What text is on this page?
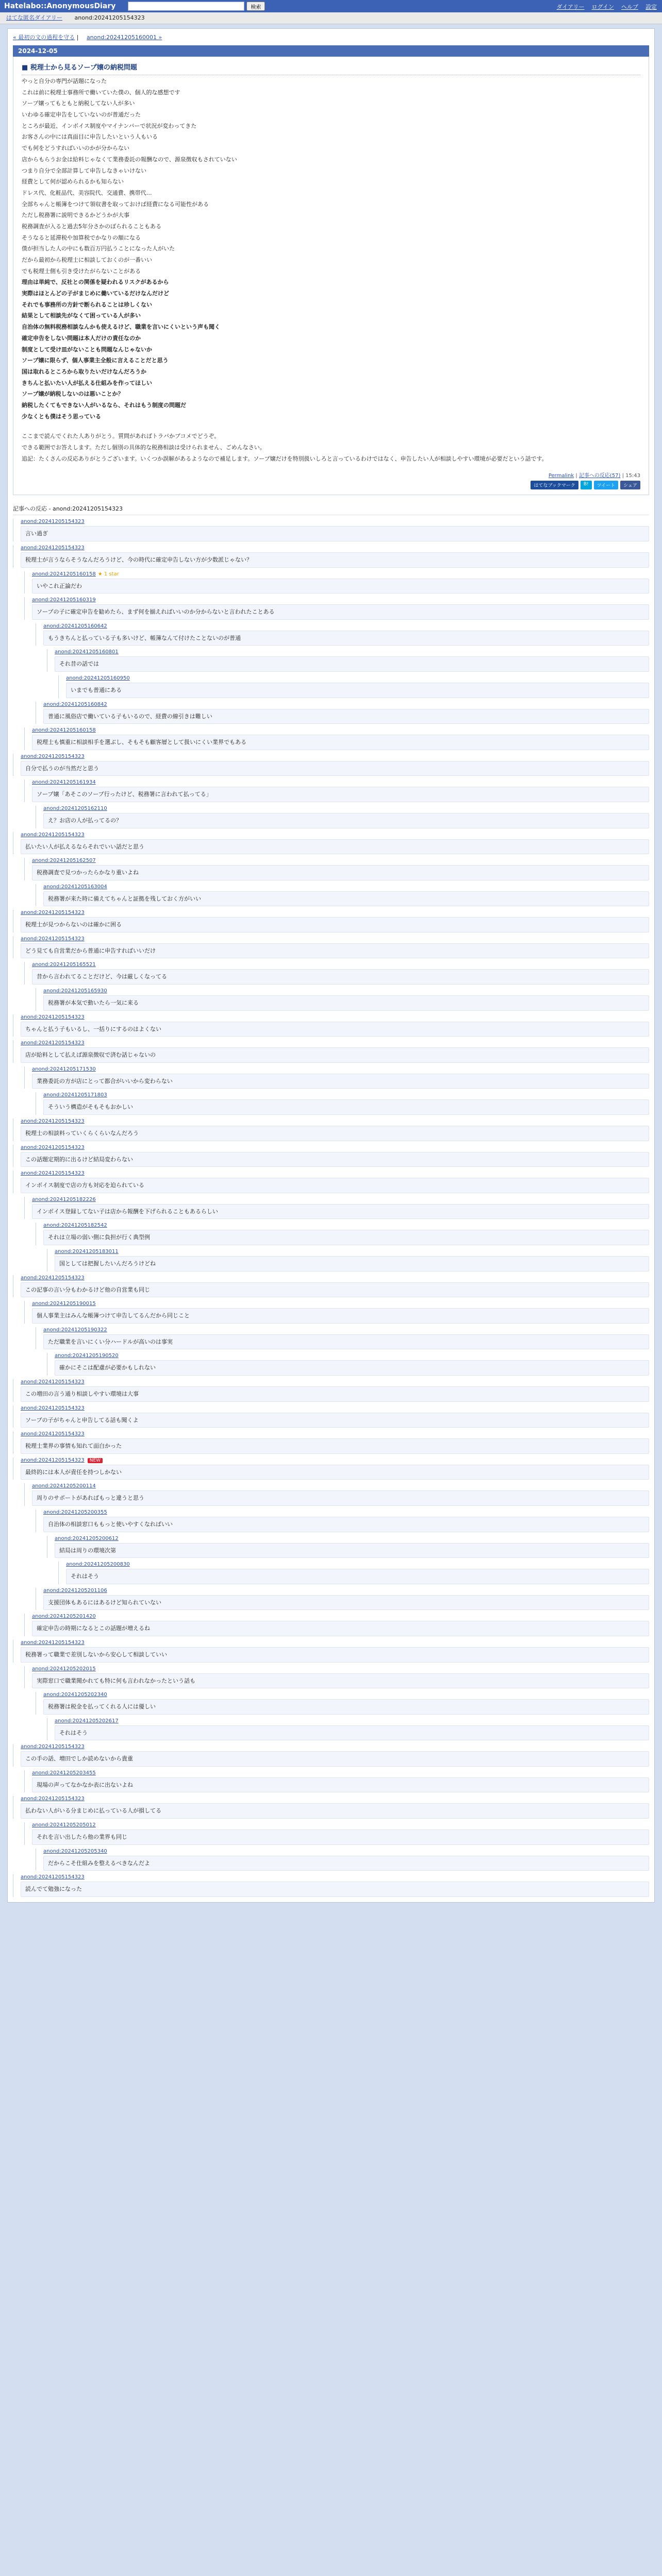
Hatelabo::AnonymousDiary	検索	ダイアリー ログイン ヘルプ 設定
はてな匿名ダイアリー anond:20241205154323
« 最初の文の過程を守る | anond:20241205160001 »
2024-12-05
■ 税理士から見るソープ嬢の納税問題

やっと自分の専門が話題になった

これは前に税理士事務所で働いていた僕の、個人的な感想です

ソープ嬢ってもともと納税してない人が多い

いわゆる確定申告をしていないのが普通だった

ところが最近、インボイス制度やマイナンバーで状況が変わってきた

お客さんの中には真面目に申告したいという人もいる

でも何をどうすればいいのかが分からない

店からもらうお金は給料じゃなくて業務委託の報酬なので、源泉徴収もされていない

つまり自分で全部計算して申告しなきゃいけない

経費として何が認められるかも知らない

ドレス代、化粧品代、美容院代、交通費、携帯代…

全部ちゃんと帳簿をつけて領収書を取っておけば経費になる可能性がある

ただし税務署に説明できるかどうかが大事

税務調査が入ると過去5年分さかのぼられることもある

そうなると延滞税や加算税でかなりの額になる

僕が担当した人の中にも数百万円払うことになった人がいた

だから最初から税理士に相談しておくのが一番いい

でも税理士側も引き受けたがらないことがある

理由は単純で、反社との関係を疑われるリスクがあるから

実際はほとんどの子がまじめに働いているだけなんだけど

それでも事務所の方針で断られることは珍しくない

結果として相談先がなくて困っている人が多い

自治体の無料税務相談なんかも使えるけど、職業を言いにくいという声も聞く

確定申告をしない問題は本人だけの責任なのか

制度として受け皿がないことも問題なんじゃないか

ソープ嬢に限らず、個人事業主全般に言えることだと思う

国は取れるところから取りたいだけなんだろうか

きちんと払いたい人が払える仕組みを作ってほしい

ソープ嬢が納税しないのは悪いことか？

納税したくてもできない人がいるなら、それはもう制度の問題だ

少なくとも僕はそう思っている

ここまで読んでくれた人ありがとう。質問があればトラバかブコメでどうぞ。

できる範囲でお答えします。ただし個別の具体的な税務相談は受けられません、ごめんなさい。

追記：たくさんの反応ありがとうございます。いくつか誤解があるようなので補足します。ソープ嬢だけを特別扱いしろと言っているわけではなく、申告したい人が相談しやすい環境が必要だという話です。

Permalink | 記事への反応(57) | 15:43
はてなブックマーク	B!	ツイート	シェア
記事への反応 - anond:20241205154323
anond:20241205154323
言い過ぎ
anond:20241205154323
税理士が言うならそうなんだろうけど、今の時代に確定申告しない方が少数派じゃない？
anond:20241205160158 ★ 1 star
いやこれ正論だわ
anond:20241205160319
ソープの子に確定申告を勧めたら、まず何を揃えればいいのか分からないと言われたことある
anond:20241205160642
もうきちんと払っている子も多いけど、帳簿なんて付けたことないのが普通
anond:20241205160801
それ昔の話では
anond:20241205160950
いまでも普通にある
anond:20241205160842
普通に風俗店で働いている子もいるので、経費の線引きは難しい
anond:20241205160158
税理士も慎重に相談相手を選ぶし、そもそも顧客層として扱いにくい業界でもある
anond:20241205154323
自分で払うのが当然だと思う
anond:20241205161934
ソープ嬢「あそこのソープ行ったけど、税務署に言われて払ってる」
anond:20241205162110
え？お店の人が払ってるの？
anond:20241205154323
払いたい人が払えるならそれでいい話だと思う
anond:20241205162507
税務調査で見つかったらかなり重いよね
anond:20241205163004
税務署が来た時に備えてちゃんと証拠を残しておく方がいい
anond:20241205154323
税理士が見つからないのは確かに困る
anond:20241205154323
どう見ても自営業だから普通に申告すればいいだけ
anond:20241205165521
昔から言われてることだけど、今は厳しくなってる
anond:20241205165930
税務署が本気で動いたら一気に来る
anond:20241205154323
ちゃんと払う子もいるし、一括りにするのはよくない
anond:20241205154323
店が給料として払えば源泉徴収で済む話じゃないの
anond:20241205171530
業務委託の方が店にとって都合がいいから変わらない
anond:20241205171803
そういう構造がそもそもおかしい
anond:20241205154323
税理士の相談料っていくらくらいなんだろう
anond:20241205154323
この話題定期的に出るけど結局変わらない
anond:20241205154323
インボイス制度で店の方も対応を迫られている
anond:20241205182226
インボイス登録してない子は店から報酬を下げられることもあるらしい
anond:20241205182542
それは立場の弱い側に負担が行く典型例
anond:20241205183011
国としては把握したいんだろうけどね
anond:20241205154323
この記事の言い分もわかるけど他の自営業も同じ
anond:20241205190015
個人事業主はみんな帳簿つけて申告してるんだから同じこと
anond:20241205190322
ただ職業を言いにくい分ハードルが高いのは事実
anond:20241205190520
確かにそこは配慮が必要かもしれない
anond:20241205154323
この増田の言う通り相談しやすい環境は大事
anond:20241205154323
ソープの子がちゃんと申告してる話も聞くよ
anond:20241205154323
税理士業界の事情も知れて面白かった
anond:20241205154323 NEW
最終的には本人が責任を持つしかない
anond:20241205200114
周りのサポートがあればもっと違うと思う
anond:20241205200355
自治体の相談窓口ももっと使いやすくなればいい
anond:20241205200612
結局は周りの環境次第
anond:20241205200830
それはそう
anond:20241205201106
支援団体もあるにはあるけど知られていない
anond:20241205201420
確定申告の時期になるとこの話題が増えるね
anond:20241205154323
税務署って職業で差別しないから安心して相談していい
anond:20241205202015
実際窓口で職業聞かれても特に何も言われなかったという話も
anond:20241205202340
税務署は税金を払ってくれる人には優しい
anond:20241205202617
それはそう
anond:20241205154323
この手の話、増田でしか読めないから貴重
anond:20241205203455
現場の声ってなかなか表に出ないよね
anond:20241205154323
払わない人がいる分まじめに払っている人が損してる
anond:20241205205012
それを言い出したら他の業界も同じ
anond:20241205205340
だからこそ仕組みを整えるべきなんだよ
anond:20241205154323
読んでて勉強になった
